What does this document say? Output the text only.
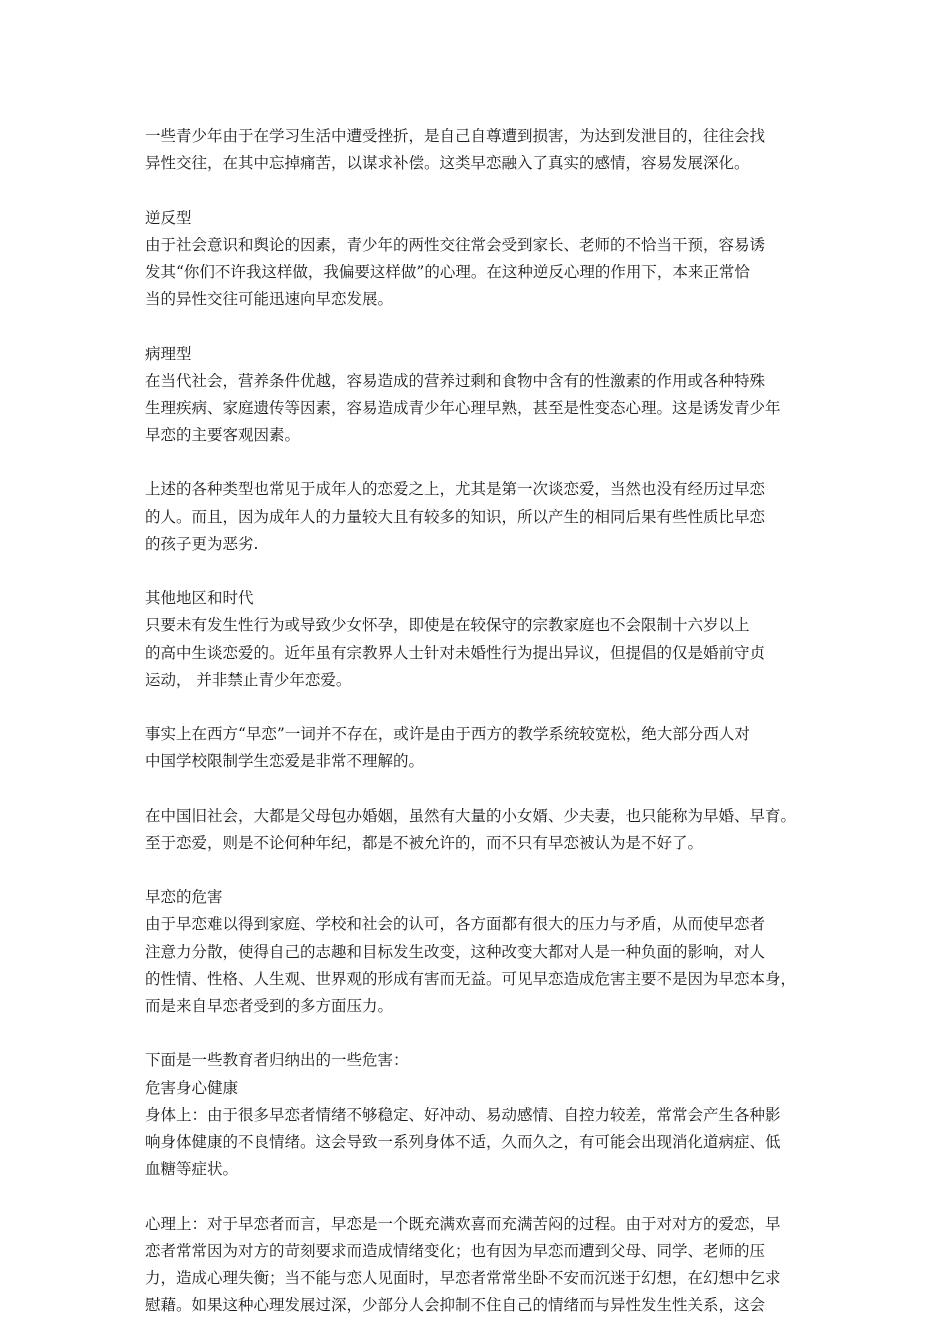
一些青少年由于在学习生活中遭受挫折，是自己自尊遭到损害，为达到发泄目的，往往会找
异性交往，在其中忘掉痛苦，以谋求补偿。这类早恋融入了真实的感情，容易发展深化。
逆反型
由于社会意识和舆论的因素，青少年的两性交往常会受到家长、老师的不恰当干预，容易诱
发其“你们不许我这样做，我偏要这样做”的心理。在这种逆反心理的作用下，本来正常恰
当的异性交往可能迅速向早恋发展。
病理型
在当代社会，营养条件优越，容易造成的营养过剩和食物中含有的性激素的作用或各种特殊
生理疾病、家庭遗传等因素，容易造成青少年心理早熟，甚至是性变态心理。这是诱发青少年
早恋的主要客观因素。
上述的各种类型也常见于成年人的恋爱之上，尤其是第一次谈恋爱，当然也没有经历过早恋
的人。而且，因为成年人的力量较大且有较多的知识，所以产生的相同后果有些性质比早恋
的孩子更为恶劣.
其他地区和时代
只要未有发生性行为或导致少女怀孕，即使是在较保守的宗教家庭也不会限制十六岁以上
的高中生谈恋爱的。近年虽有宗教界人士针对未婚性行为提出异议，但提倡的仅是婚前守贞
运动， 并非禁止青少年恋爱。
事实上在西方“早恋”一词并不存在，或许是由于西方的教学系统较宽松，绝大部分西人对
中国学校限制学生恋爱是非常不理解的。
在中国旧社会，大都是父母包办婚姻，虽然有大量的小女婿、少夫妻，也只能称为早婚、早育。
至于恋爱，则是不论何种年纪，都是不被允许的，而不只有早恋被认为是不好了。
早恋的危害
由于早恋难以得到家庭、学校和社会的认可，各方面都有很大的压力与矛盾，从而使早恋者
注意力分散，使得自己的志趣和目标发生改变，这种改变大都对人是一种负面的影响，对人
的性情、性格、人生观、世界观的形成有害而无益。可见早恋造成危害主要不是因为早恋本身，
而是来自早恋者受到的多方面压力。
下面是一些教育者归纳出的一些危害：
危害身心健康
身体上：由于很多早恋者情绪不够稳定、好冲动、易动感情、自控力较差，常常会产生各种影
响身体健康的不良情绪。这会导致一系列身体不适，久而久之，有可能会出现消化道病症、低
血糖等症状。
心理上：对于早恋者而言，早恋是一个既充满欢喜而充满苦闷的过程。由于对对方的爱恋，早
恋者常常因为对方的苛刻要求而造成情绪变化；也有因为早恋而遭到父母、同学、老师的压
力，造成心理失衡；当不能与恋人见面时，早恋者常常坐卧不安而沉迷于幻想，在幻想中乞求
慰藉。如果这种心理发展过深，少部分人会抑制不住自己的情绪而与异性发生性关系，这会
